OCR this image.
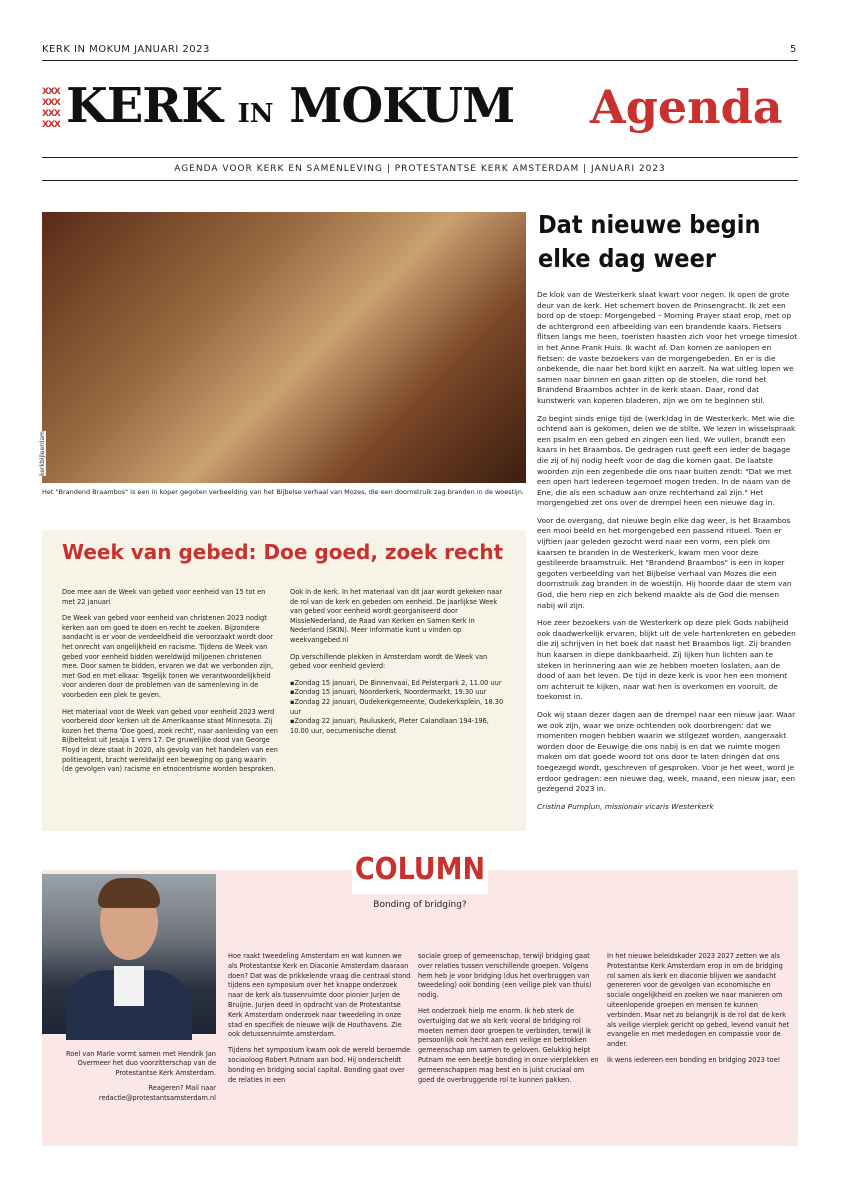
KERK IN MOKUM JANUARI 2023	5
XXX
XXX
XXX
XXX KERK IN MOKUM Agenda
AGENDA VOOR KERK EN SAMENLEVING | PROTESTANTSE KERK AMSTERDAM | JANUARI 2023
kerkbijleerdam
Het "Brandend Braambos" is een in koper gegoten verbeelding van het Bijbelse verhaal van Mozes, die een doornstruik zag branden in de woestijn.
Dat nieuwe begin elke dag weer

De klok van de Westerkerk slaat kwart voor negen. Ik open de grote deur van de kerk. Het schemert boven de Prinsengracht. Ik zet een bord op de stoep: Morgengebed – Morning Prayer staat erop, met op de achtergrond een afbeelding van een brandende kaars. Fietsers flitsen langs me heen, toeristen haasten zich voor het vroege timeslot in het Anne Frank Huis. Ik wacht af. Dan komen ze aanlopen en fietsen: de vaste bezoekers van de morgengebeden. En er is die onbekende, die naar het bord kijkt en aarzelt. Na wat uitleg lopen we samen naar binnen en gaan zitten op de stoelen, die rond het Brandend Braambos achter in de kerk staan. Daar, rond dat kunstwerk van koperen bladeren, zijn we om te beginnen stil.

Zo begint sinds enige tijd de (werk)dag in de Westerkerk. Met wie die ochtend aan is gekomen, delen we de stilte. We lezen in wisselspraak een psalm en een gebed en zingen een lied. We vullen, brandt een kaars in het Braambos. De gedragen rust geeft een ieder de bagage die zij of hij nodig heeft voor de dag die komen gaat. De laatste woorden zijn een zegenbede die ons naar buiten zendt: "Dat we met een open hart iedereen tegemoet mogen treden. In de naam van de Ene, die als een schaduw aan onze rechterhand zal zijn." Het morgengebed zet ons over de drempel heen een nieuwe dag in.

Voor de overgang, dat nieuwe begin elke dag weer, is het Braambos een mooi beeld en het morgengebed een passend ritueel. Toen er vijftien jaar geleden gezocht werd naar een vorm, een plek om kaarsen te branden in de Westerkerk, kwam men voor deze gestileerde braamstruik. Het "Brandend Braambos" is een in koper gegoten verbeelding van het Bijbelse verhaal van Mozes die een doornstruik zag branden in de woestijn. Hij hoorde daar de stem van God, die hem riep en zich bekend maakte als de God die mensen nabij wil zijn.

Hoe zeer bezoekers van de Westerkerk op deze plek Gods nabijheid ook daadwerkelijk ervaren, blijkt uit de vele hartenkreten en gebeden die zij schrijven in het boek dat naast het Braambos ligt. Zij branden hun kaarsen in diepe dankbaarheid. Zij lijken hun lichten aan te steken in herinnering aan wie ze hebben moeten loslaten, aan de dood of aan het leven. De tijd in deze kerk is voor hen een moment om achteruit te kijken, naar wat hen is overkomen en vooruit, de toekomst in.

Ook wij staan dezer dagen aan de drempel naar een nieuw jaar. Waar we ook zijn, waar we onze ochtenden ook doorbrengen: dat we momenten mogen hebben waarin we stilgezet worden, aangeraakt worden door de Eeuwige die ons nabij is en dat we ruimte mogen maken om dat goede woord tot ons door te laten dringen dat ons toegezegd wordt, geschreven of gesproken. Voor je het weet, word je erdoor gedragen: een nieuwe dag, week, maand, een nieuw jaar, een gezegend 2023 in.

Cristina Pumplun, missionair vicaris Westerkerk

Week van gebed: Doe goed, zoek recht

Doe mee aan de Week van gebed voor eenheid van 15 tot en met 22 januari

De Week van gebed voor eenheid van christenen 2023 nodigt kerken aan om goed te doen en recht te zoeken. Bijzondere aandacht is er voor de verdeeldheid die veroorzaakt wordt door het onrecht van ongelijkheid en racisme. Tijdens de Week van gebed voor eenheid bidden wereldwijd miljoenen christenen mee. Door samen te bidden, ervaren we dat we verbonden zijn, met God en met elkaar. Tegelijk tonen we verantwoordelijkheid voor anderen door de problemen van de samenleving in de voorbeden een plek te geven.

Het materiaal voor de Week van gebed voor eenheid 2023 werd voorbereid door kerken uit de Amerikaanse staat Minnesota. Zij kozen het thema 'Doe goed, zoek recht', naar aanleiding van een Bijbeltekst uit Jesaja 1 vers 17. De gruwelijke dood van George Floyd in deze staat in 2020, als gevolg van het handelen van een politieagent, bracht wereldwijd een beweging op gang waarin (de gevolgen van) racisme en etnocentrisme worden besproken.

Ook in de kerk. In het materiaal van dit jaar wordt gekeken naar de rol van de kerk en gebeden om eenheid. De jaarlijkse Week van gebed voor eenheid wordt georganiseerd door MissieNederland, de Raad van Kerken en Samen Kerk in Nederland (SKIN). Meer informatie kunt u vinden op weekvangebed.nl

Op verschillende plekken in Amsterdam wordt de Week van gebed voor eenheid gevierd:

▪ Zondag 15 januari, De Binnenvaai, Ed Pelsterpark 2, 11.00 uur
▪ Zondag 15 januari, Noorderkerk, Noordermarkt, 19.30 uur
▪ Zondag 22 januari, Oudekerkgemeente, Oudekerksplein, 18.30 uur
▪ Zondag 22 januari, Pauluskerk, Pieter Calandlaan 194-196, 10.00 uur, oecumenische dienst
COLUMN
Bonding of bridging?

Roel van Marle vormt samen met Hendrik Jan Overmeer het duo voorzitterschap van de Protestantse Kerk Amsterdam.

Reageren? Mail naar redactie@protestantsamsterdam.nl

Hoe raakt tweedeling Amsterdam en wat kunnen we als Protestantse Kerk en Diaconie Amsterdam daaraan doen? Dat was de prikkelende vraag die centraal stond tijdens een symposium over het knappe onderzoek naar de kerk als tussenruimte door pionier Jurjen de Bruijne. Jurjen deed in opdracht van de Protestantse Kerk Amsterdam onderzoek naar tweedeling in onze stad en specifiek de nieuwe wijk de Houthavens. Zie ook detussenruimte.amsterdam.

Tijdens het symposium kwam ook de wereld beroemde sociaoloog Robert Putnam aan bod. Hij onderscheidt bonding en bridging social capital. Bonding gaat over de relaties in een

sociale groep of gemeenschap, terwijl bridging gaat over relaties tussen verschillende groepen. Volgens hem heb je voor bridging (dus het overbruggen van tweedeling) ook bonding (een veilige plek van thuis) nodig.

Het onderzoek hielp me enorm. Ik heb sterk de overtuiging dat we als kerk vooral de bridging rol moeten nemen door groepen te verbinden, terwijl ik persoonlijk ook hecht aan een veilige en betrokken gemeenschap om samen te geloven. Gelukkig helpt Putnam me een beetje bonding in onze vierplekken en gemeenschappen mag best en is juist cruciaal om goed de overbruggende rol te kunnen pakken.

In het nieuwe beleidskader 2023 2027 zetten we als Protestantse Kerk Amsterdam erop in om de bridging rol samen als kerk en diaconie blijven we aandacht genereren voor de gevolgen van economische en sociale ongelijkheid en zoeken we naar manieren om uiteenlopende groepen en mensen te kunnen verbinden. Maar net zo belangrijk is de rol dat de kerk als veilige vierplek gericht op gebed, levend vanuit het evangelie en met mededogen en compassie voor de ander.

Ik wens iedereen een bonding en bridging 2023 toe!
